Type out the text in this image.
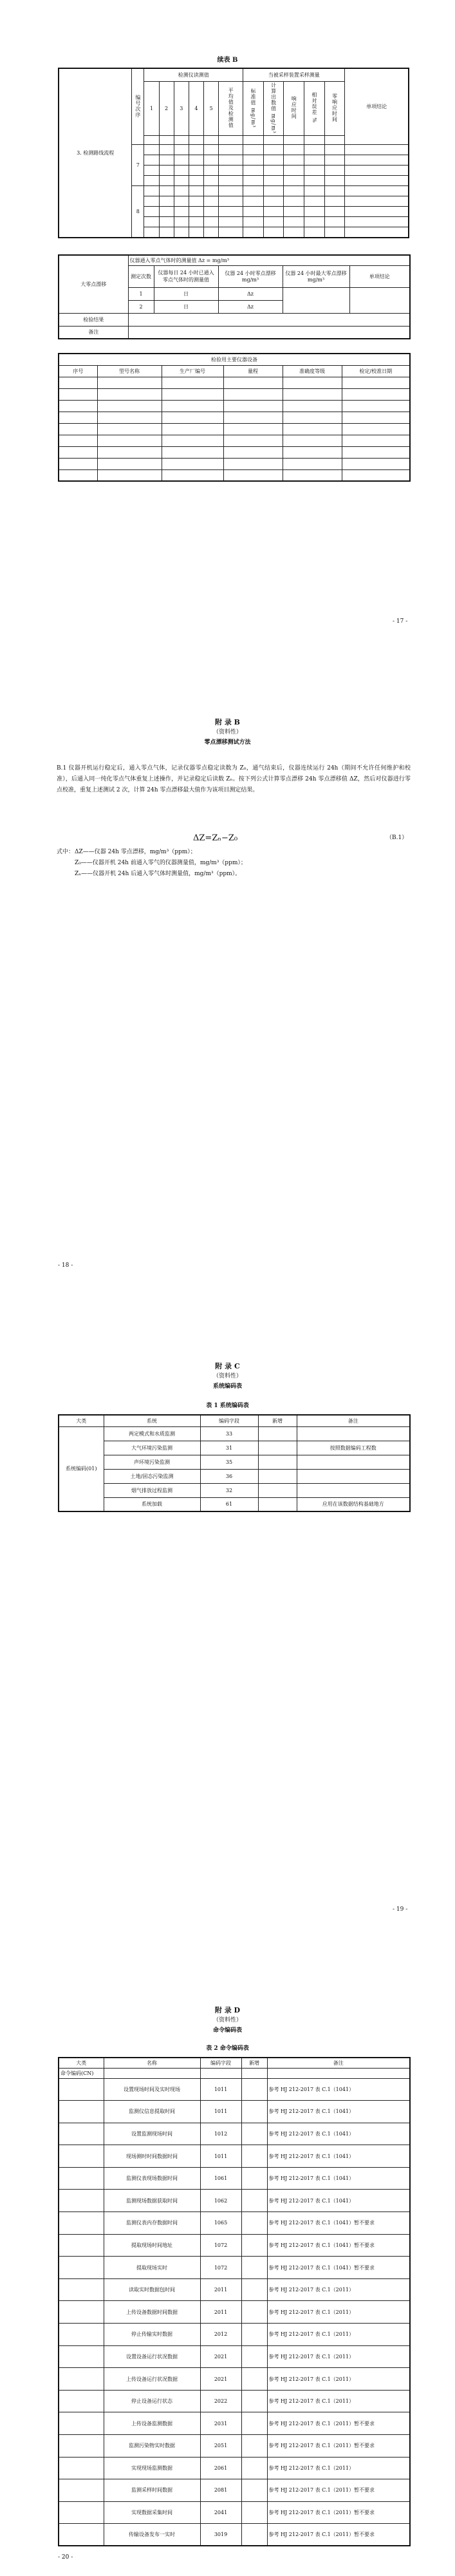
续表 B
3. 检测路线流程	编号次序	检测仪读测值						当被采样装置采样测量					单项结论
		1	2	3	4	5	平均值及检测值	标准值 mg/m³	计算出数值 mg/m³	响应时间	相对误差 %	零响应时间	

	7												

	8												

大零点漂移	仪器通入零点气体时的测量值 Δz = mg/m³				
	测定次数	仪器每日 24 小时已通入零点气体时的测量值	仪器 24 小时零点漂移 mg/m³	仪器 24 小时最大零点漂移 mg/m³	单项结论
	1	日	Δz		
	2	日	Δz		
检验结果					
备注					
检验用主要仪器设备					
序号	型号名称	生产厂编号	量程	准确度等级	检定/校准日期

- 17 -
附 录 B
（资料性）
零点漂移测试方法
B.1 仪器开机运行稳定后，通入零点气体，记录仪器零点稳定读数为 Z₀，通气结束后，仪器连续运行 24h（期间不允许任何维护和校准），后通入同一纯化零点气体重复上述操作，并记录稳定后读数 Zₙ。按下列公式计算零点漂移 24h 零点漂移值 ΔZ，然后对仪器进行零点校准，重复上述测试 2 次，计算 24h 零点漂移最大值作为该项目测定结果。
ΔZ=Zₙ−Z₀	（B.1）
式中： ΔZ——仪器 24h 零点漂移，mg/m³（ppm）；
Z₀——仪器开机 24h 前通入零气的仪器测量值，mg/m³（ppm）；
Zₙ——仪器开机 24h 后通入零气体时测量值，mg/m³（ppm）。
- 18 -
附 录 C
（资料性）
系统编码表
表 1 系统编码表
大类	系统	编码字段	新增	备注
系统编码(01)	两定模式和水质监测	33		
	大气环境污染监测	31		按照数据编码工程数
	声环境污染监测	35		
	土地/固态污染监测	36		
	烟气排放过程监测	32		
	系统加载	61		应用在该数据结构基础地方
- 19 -
附 录 D
（资料性）
命令编码表
表 2 命令编码表
大类	名称	编码字段	新增	备注
命令编码(CN)				
	设置现场时间及实时现场	1011		参考 HJ 212-2017 表 C.1（1041）
	监测仪信息提取时间	1011		参考 HJ 212-2017 表 C.1（1041）
	设置监测现场时间	1012		参考 HJ 212-2017 表 C.1（1041）
	现场测时时间数据时间	1011		参考 HJ 212-2017 表 C.1（1041）
	监测仪表现场数据时间	1061		参考 HJ 212-2017 表 C.1（1041）
	监测现场数据获取时间	1062		参考 HJ 212-2017 表 C.1（1041）
	监测仪表内存数据时间	1065		参考 HJ 212-2017 表 C.1（1041）暂不要求
	提取现场时间地址	1072		参考 HJ 212-2017 表 C.1（1041）暂不要求
	提取现场实时	1072		参考 HJ 212-2017 表 C.1（1041）暂不要求
	读取实时数据包时间	2011		参考 HJ 212-2017 表 C.1（2011）
	上传设备数据时间数据	2011		参考 HJ 212-2017 表 C.1（2011）
	停止传输实时数据	2012		参考 HJ 212-2017 表 C.1（2011）
	设置设备运行状况数据	2021		参考 HJ 212-2017 表 C.1（2011）
	上传设备运行状况数据	2021		参考 HJ 212-2017 表 C.1（2011）
	停止设备运行状态	2022		参考 HJ 212-2017 表 C.1（2011）
	上传设备监测数据	2031		参考 HJ 212-2017 表 C.1（2011）暂不要求
	监测污染物实时数据	2051		参考 HJ 212-2017 表 C.1（2011）暂不要求
	实现现场监测数据	2061		参考 HJ 212-2017 表 C.1（2011）
	监测采样时间数据	2081		参考 HJ 212-2017 表 C.1（2011）暂不要求
	实现数据采集时间	2041		参考 HJ 212-2017 表 C.1（2011）暂不要求
	传输设备发布一实时	3019		参考 HJ 212-2017 表 C.1（2011）暂不要求
- 20 -
